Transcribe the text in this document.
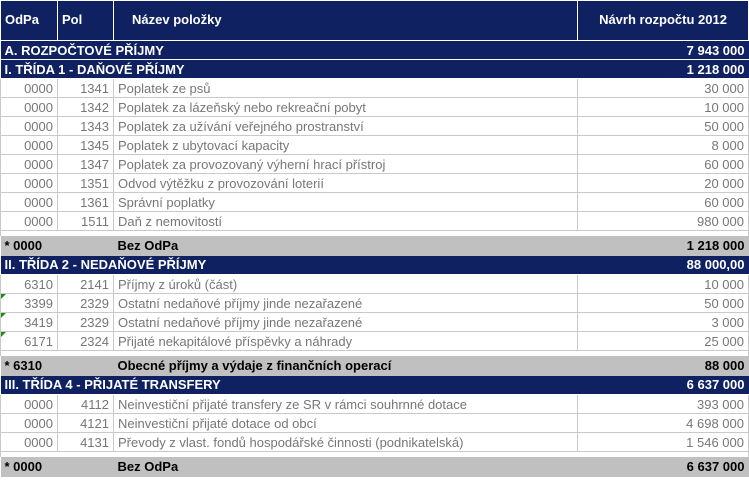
OdPa	Pol	Název položky	Návrh rozpočtu 2012
A. ROZPOČTOVÉ PŘÍJMY			7 943 000
I. TŘÍDA 1 - DAŇOVÉ PŘÍJMY			1 218 000
0000	1341	Poplatek ze psů	30 000
0000	1342	Poplatek za lázeňský nebo rekreační pobyt	10 000
0000	1343	Poplatek za užívání veřejného prostranství	50 000
0000	1345	Poplatek z ubytovací kapacity	8 000
0000	1347	Poplatek za provozovaný výherní hrací přístroj	60 000
0000	1351	Odvod výtěžku z provozování loterií	20 000
0000	1361	Správní poplatky	60 000
0000	1511	Daň z nemovitostí	980 000

* 0000		Bez OdPa	1 218 000
II. TŘÍDA 2 - NEDAŇOVÉ PŘÍJMY			88 000,00
6310	2141	Příjmy z úroků (část)	10 000

3399	2329	Ostatní nedaňové příjmy jinde nezařazené	50 000

3419	2329	Ostatní nedaňové příjmy jinde nezařazené	3 000

6171	2324	Přijaté nekapitálové příspěvky a náhrady	25 000

* 6310		Obecné příjmy a výdaje z finančních operací	88 000
III. TŘÍDA 4 - PŘIJATÉ TRANSFERY			6 637 000
0000	4112	Neinvestiční přijaté transfery ze SR v rámci souhrnné dotace	393 000
0000	4121	Neinvestiční přijaté dotace od obcí	4 698 000
0000	4131	Převody z vlast. fondů hospodářské činnosti (podnikatelská)	1 546 000

* 0000		Bez OdPa	6 637 000
